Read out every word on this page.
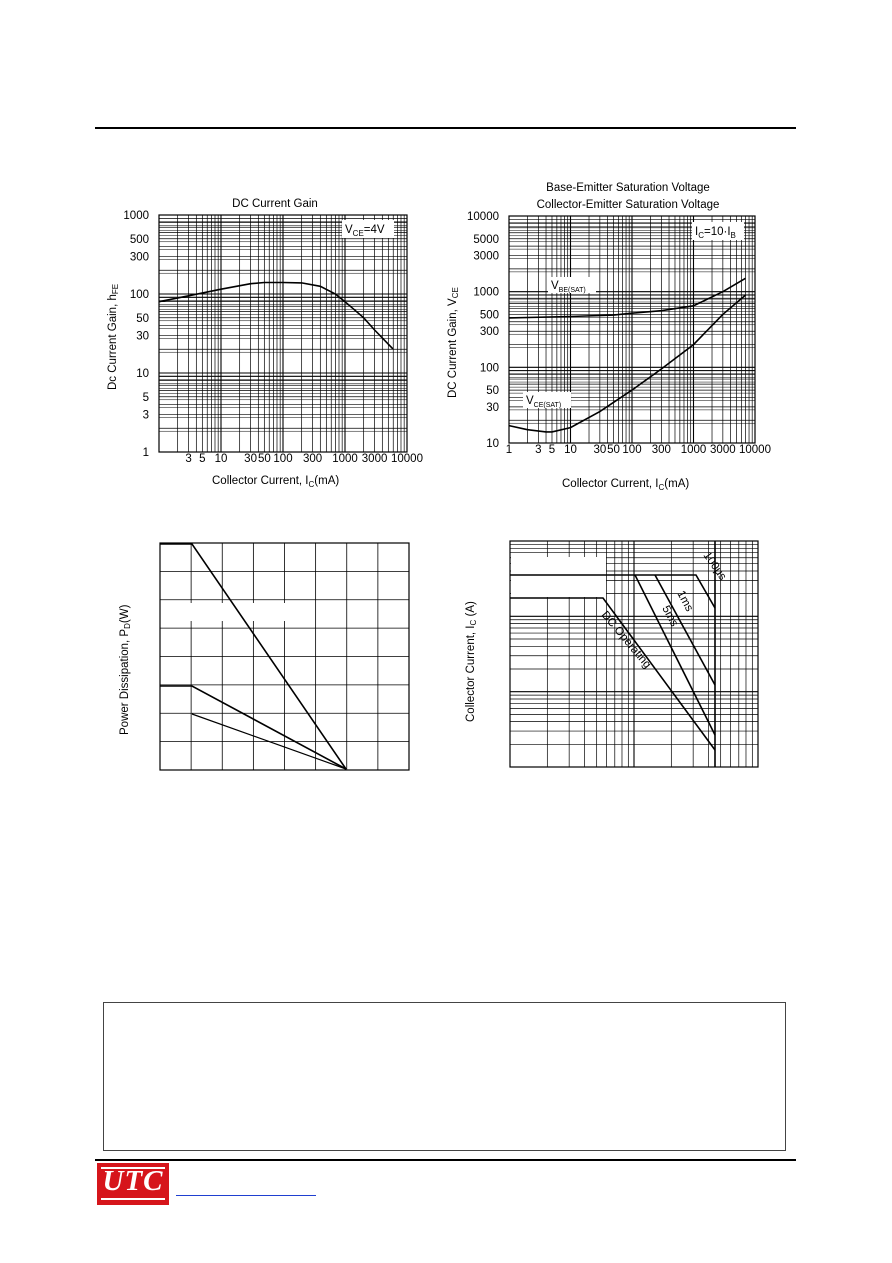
DC Current Gain
1000
500
300
100
50
30
10
5
3
1	3 5 10 30 50 100 300 1000 3000 10000
$V_{CE}=4V$
Dc Current Gain, hFE
Collector Current, $I_C(mA)$
Base-Emitter Saturation Voltage
Collector-Emitter Saturation Voltage
10000
5000
3000
1000
500
300
100
50
30
10 1 3 5 10 30 50 100 300 1000 3000 10000
$I_C=10\cdot I_B$
$V_{BE(SAT)}$
$V_{CE(SAT)}$
DC Current Gain, VCE
Collector Current, $I_C(mA)$
Power Dissipation, PD(W)
100μs
1ms
5ms
DC Operating
Collector Current, IC (A)
UTC
